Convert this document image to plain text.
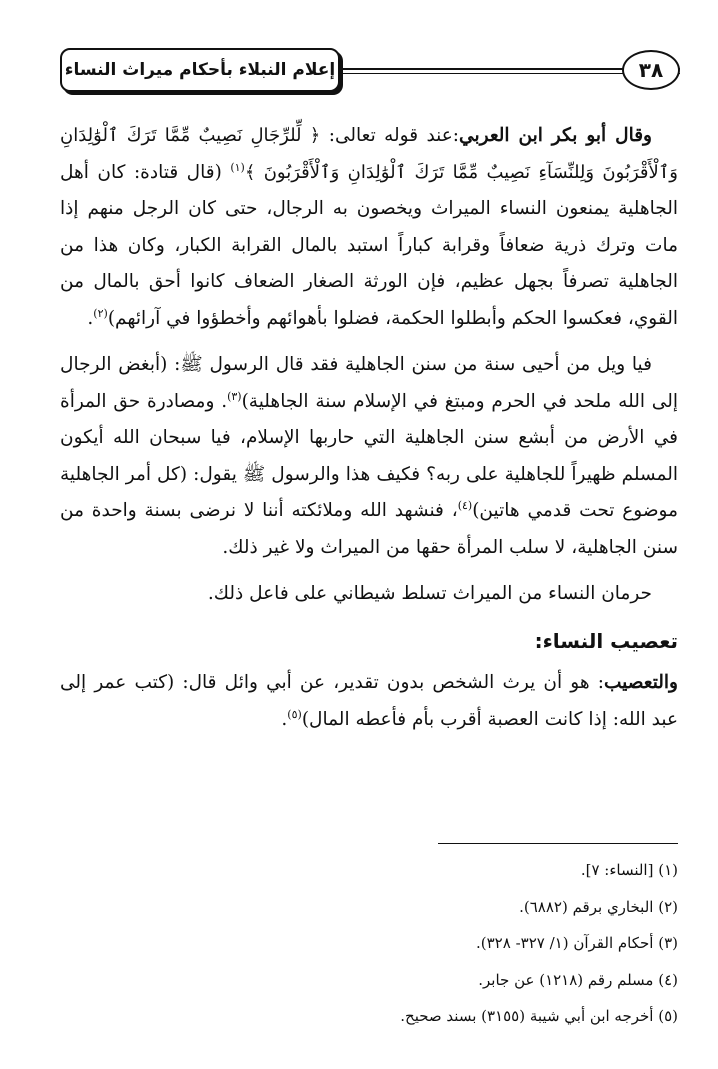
إعلام النبلاء بأحكام ميراث النساء	٣٨

وقال أبو بكر ابن العربي:عند قوله تعالى: ﴿ لِّلرِّجَالِ نَصِيبٌ مِّمَّا تَرَكَ ٱلْوَٰلِدَانِ وَٱلْأَقْرَبُونَ وَلِلنِّسَآءِ نَصِيبٌ مِّمَّا تَرَكَ ٱلْوَٰلِدَانِ وَٱلْأَقْرَبُونَ ﴾$^{(١)}$ (قال قتادة: كان أهل الجاهلية يمنعون النساء الميراث ويخصون به الرجال، حتى كان الرجل منهم إذا مات وترك ذرية ضعافاً وقرابة كباراً استبد بالمال القرابة الكبار، وكان هذا من الجاهلية تصرفاً بجهل عظيم، فإن الورثة الصغار الضعاف كانوا أحق بالمال من القوي، فعكسوا الحكم وأبطلوا الحكمة، فضلوا بأهوائهم وأخطؤوا في آرائهم)$^{(٢)}$.

فيا ويل من أحيى سنة من سنن الجاهلية فقد قال الرسول ﷺ: (أبغض الرجال إلى الله ملحد في الحرم ومبتغ في الإسلام سنة الجاهلية)$^{(٣)}$. ومصادرة حق المرأة في الأرض من أبشع سنن الجاهلية التي حاربها الإسلام، فيا سبحان الله أيكون المسلم ظهيراً للجاهلية على ربه؟ فكيف هذا والرسول ﷺ يقول: (كل أمر الجاهلية موضوع تحت قدمي هاتين)$^{(٤)}$، فنشهد الله وملائكته أننا لا نرضى بسنة واحدة من سنن الجاهلية، لا سلب المرأة حقها من الميراث ولا غير ذلك.

حرمان النساء من الميراث تسلط شيطاني على فاعل ذلك.

تعصيب النساء:

والتعصيب: هو أن يرث الشخص بدون تقدير، عن أبي وائل قال: (كتب عمر إلى عبد الله: إذا كانت العصبة أقرب بأم فأعطه المال)$^{(٥)}$.

(١) [النساء: ٧].
(٢) البخاري برقم (٦٨٨٢).
(٣) أحكام القرآن (١/ ٣٢٧- ٣٢٨).
(٤) مسلم رقم (١٢١٨) عن جابر.
(٥) أخرجه ابن أبي شيبة (٣١٥٥) بسند صحيح.
